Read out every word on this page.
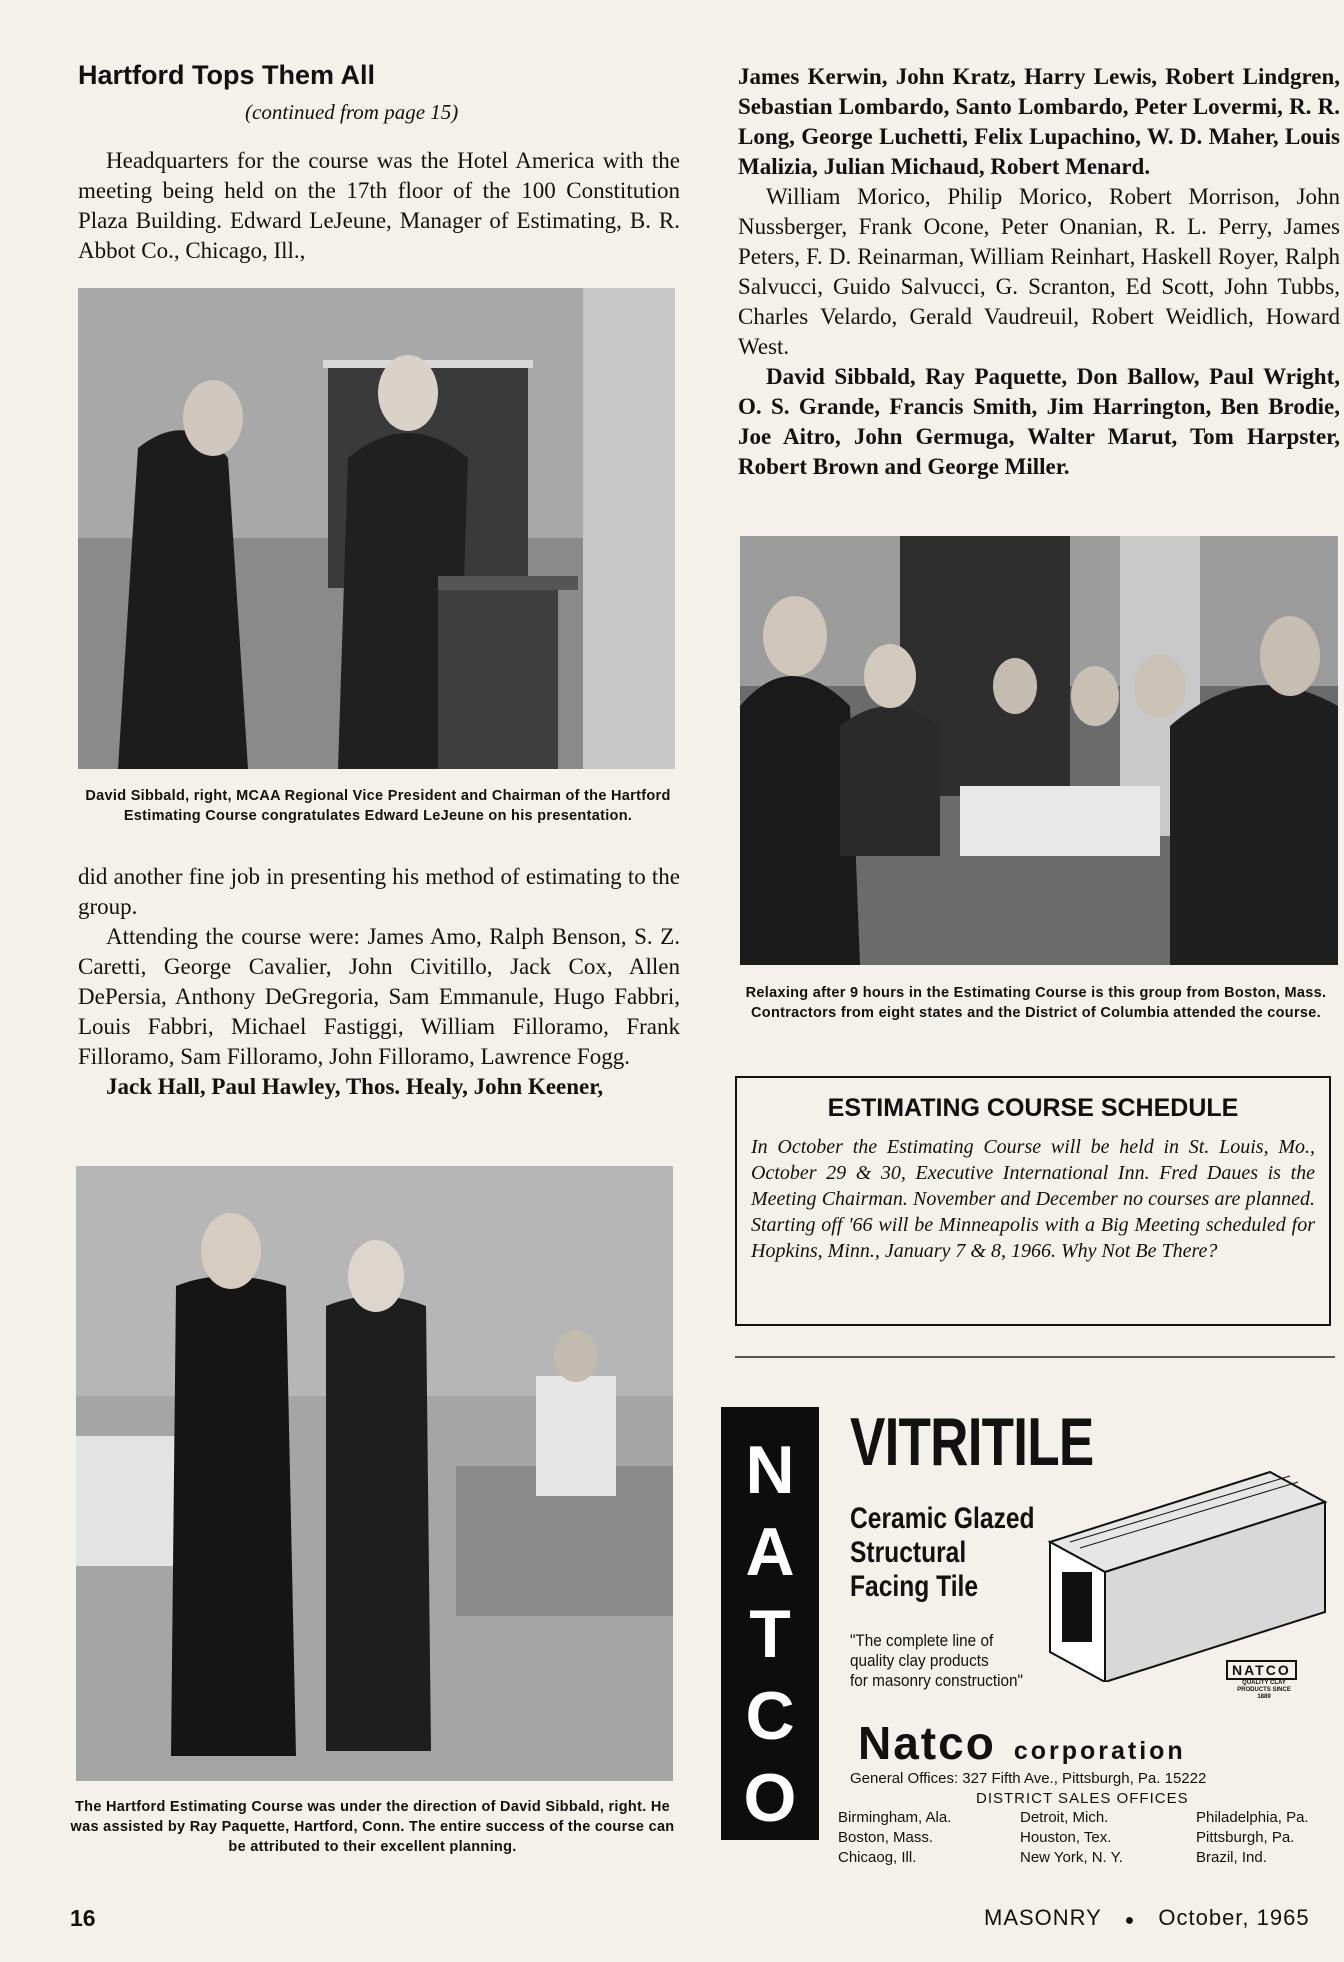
Hartford Tops Them All
(continued from page 15)

Headquarters for the course was the Hotel America with the meeting being held on the 17th floor of the 100 Constitution Plaza Building. Edward LeJeune, Manager of Estimating, B. R. Abbot Co., Chicago, Ill.,

David Sibbald, right, MCAA Regional Vice President and Chairman of the Hartford Estimating Course congratulates Edward LeJeune on his presentation.

did another fine job in presenting his method of estimating to the group.

Attending the course were: James Amo, Ralph Benson, S. Z. Caretti, George Cavalier, John Civitillo, Jack Cox, Allen DePersia, Anthony DeGregoria, Sam Emmanule, Hugo Fabbri, Louis Fabbri, Michael Fastiggi, William Filloramo, Frank Filloramo, Sam Filloramo, John Filloramo, Lawrence Fogg.

Jack Hall, Paul Hawley, Thos. Healy, John Keener,

The Hartford Estimating Course was under the direction of David Sibbald, right. He was assisted by Ray Paquette, Hartford, Conn. The entire success of the course can be attributed to their excellent planning.

James Kerwin, John Kratz, Harry Lewis, Robert Lindgren, Sebastian Lombardo, Santo Lombardo, Peter Lovermi, R. R. Long, George Luchetti, Felix Lupachino, W. D. Maher, Louis Malizia, Julian Michaud, Robert Menard.

William Morico, Philip Morico, Robert Morrison, John Nussberger, Frank Ocone, Peter Onanian, R. L. Perry, James Peters, F. D. Reinarman, William Reinhart, Haskell Royer, Ralph Salvucci, Guido Salvucci, G. Scranton, Ed Scott, John Tubbs, Charles Velardo, Gerald Vaudreuil, Robert Weidlich, Howard West.

David Sibbald, Ray Paquette, Don Ballow, Paul Wright, O. S. Grande, Francis Smith, Jim Harrington, Ben Brodie, Joe Aitro, John Germuga, Walter Marut, Tom Harpster, Robert Brown and George Miller.

Relaxing after 9 hours in the Estimating Course is this group from Boston, Mass. Contractors from eight states and the District of Columbia attended the course.
ESTIMATING COURSE SCHEDULE
In October the Estimating Course will be held in St. Louis, Mo., October 29 & 30, Executive International Inn. Fred Daues is the Meeting Chairman. November and December no courses are planned. Starting off '66 will be Minneapolis with a Big Meeting scheduled for Hopkins, Minn., January 7 & 8, 1966. Why Not Be There?
N
A
T
C
O
VITRITILE
Ceramic Glazed
Structural
Facing Tile
"The complete line of
quality clay products
for masonry construction"
NATCO
QUALITY CLAY PRODUCTS SINCE 1889
Natco corporation
General Offices: 327 Fifth Ave., Pittsburgh, Pa. 15222
DISTRICT SALES OFFICES
Birmingham, Ala.
Boston, Mass.
Chicaog, Ill.
Detroit, Mich.
Houston, Tex.
New York, N. Y.
Philadelphia, Pa.
Pittsburgh, Pa.
Brazil, Ind.
16	MASONRY ● October, 1965
